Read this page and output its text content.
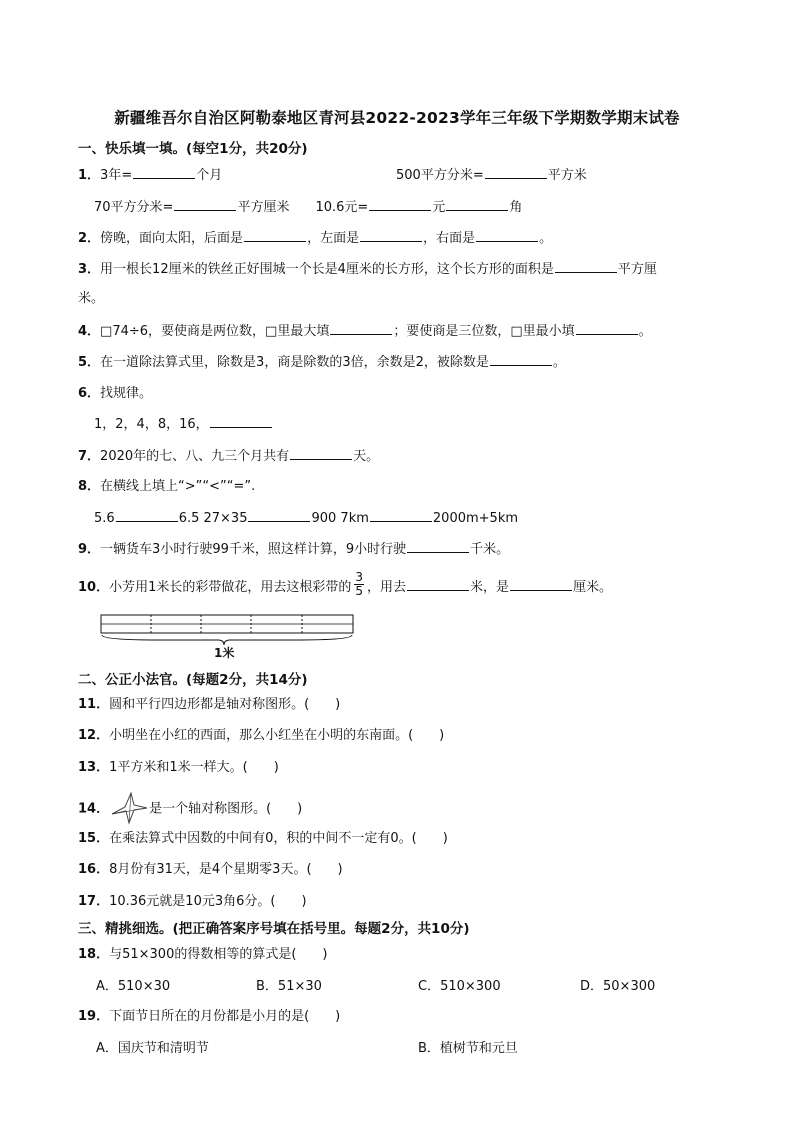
新疆维吾尔自治区阿勒泰地区青河县2022-2023学年三年级下学期数学期末试卷
一、快乐填一填。(每空1分，共20分)
1．3年=	个月	500平方分米=	平方米
70平方分米=	平方厘米 10.6元=	元	角
2．傍晚，面向太阳，后面是	，左面是	，右面是	。
3．用一根长12厘米的铁丝正好围城一个长是4厘米的长方形，这个长方形的面积是	平方厘
米。
4．□74÷6，要使商是两位数，□里最大填	；要使商是三位数，□里最小填	。
5．在一道除法算式里，除数是3，商是除数的3倍，余数是2，被除数是	。
6．找规律。
1，2，4，8，16，
7．2020年的七、八、九三个月共有	天。
8．在横线上填上“>”“<”“=”.
5.6	6.5 27×35	900 7km	2000m+5km
9．一辆货车3小时行驶99千米，照这样计算，9小时行驶	千米。
10．小芳用1米长的彩带做花，用去这根彩带的 $\frac{3}{5}$ ，用去	米，是	厘米。
1米
二、公正小法官。(每题2分，共14分)
11．圆和平行四边形都是轴对称图形。(　　)
12．小明坐在小红的西面，那么小红坐在小明的东南面。(　　)
13．1平方米和1米一样大。(　　)
14．	是一个轴对称图形。(　　)
15．在乘法算式中因数的中间有0，积的中间不一定有0。(　　)
16．8月份有31天，是4个星期零3天。(　　)
17．10.36元就是10元3角6分。(　　)
三、精挑细选。(把正确答案序号填在括号里。每题2分，共10分)
18．与51×300的得数相等的算式是(　　)
A．510×30	B．51×30	C．510×300	D．50×300
19．下面节日所在的月份都是小月的是(　　)
A．国庆节和清明节	B．植树节和元旦
